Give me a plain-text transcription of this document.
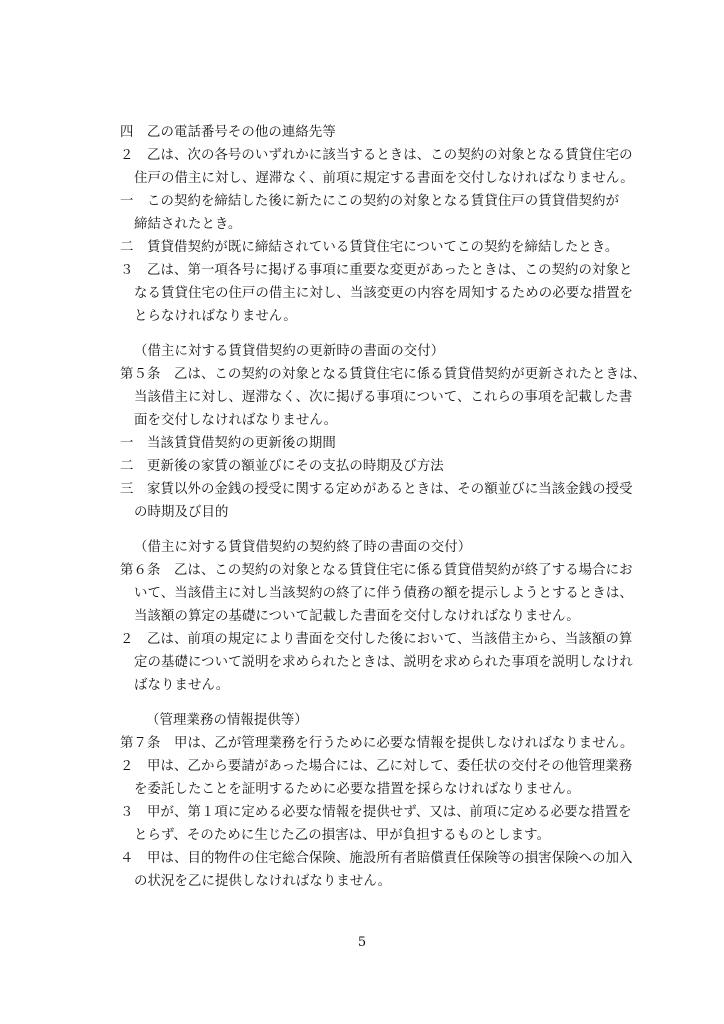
四　乙の電話番号その他の連絡先等
２　乙は、次の各号のいずれかに該当するときは、この契約の対象となる賃貸住宅の
住戸の借主に対し、遅滞なく、前項に規定する書面を交付しなければなりません。
一　この契約を締結した後に新たにこの契約の対象となる賃貸住戸の賃貸借契約が
締結されたとき。
二　賃貸借契約が既に締結されている賃貸住宅についてこの契約を締結したとき。
３　乙は、第一項各号に掲げる事項に重要な変更があったときは、この契約の対象と
なる賃貸住宅の住戸の借主に対し、当該変更の内容を周知するための必要な措置を
とらなければなりません。
（借主に対する賃貸借契約の更新時の書面の交付）
第５条　乙は、この契約の対象となる賃貸住宅に係る賃貸借契約が更新されたときは、
当該借主に対し、遅滞なく、次に掲げる事項について、これらの事項を記載した書
面を交付しなければなりません。
一　当該賃貸借契約の更新後の期間
二　更新後の家賃の額並びにその支払の時期及び方法
三　家賃以外の金銭の授受に関する定めがあるときは、その額並びに当該金銭の授受
の時期及び目的
（借主に対する賃貸借契約の契約終了時の書面の交付）
第６条　乙は、この契約の対象となる賃貸住宅に係る賃貸借契約が終了する場合にお
いて、当該借主に対し当該契約の終了に伴う債務の額を提示しようとするときは、
当該額の算定の基礎について記載した書面を交付しなければなりません。
２　乙は、前項の規定により書面を交付した後において、当該借主から、当該額の算
定の基礎について説明を求められたときは、説明を求められた事項を説明しなけれ
ばなりません。
（管理業務の情報提供等）
第７条　甲は、乙が管理業務を行うために必要な情報を提供しなければなりません。
２　甲は、乙から要請があった場合には、乙に対して、委任状の交付その他管理業務
を委託したことを証明するために必要な措置を採らなければなりません。
３　甲が、第１項に定める必要な情報を提供せず、又は、前項に定める必要な措置を
とらず、そのために生じた乙の損害は、甲が負担するものとします。
４　甲は、目的物件の住宅総合保険、施設所有者賠償責任保険等の損害保険への加入
の状況を乙に提供しなければなりません。
5
